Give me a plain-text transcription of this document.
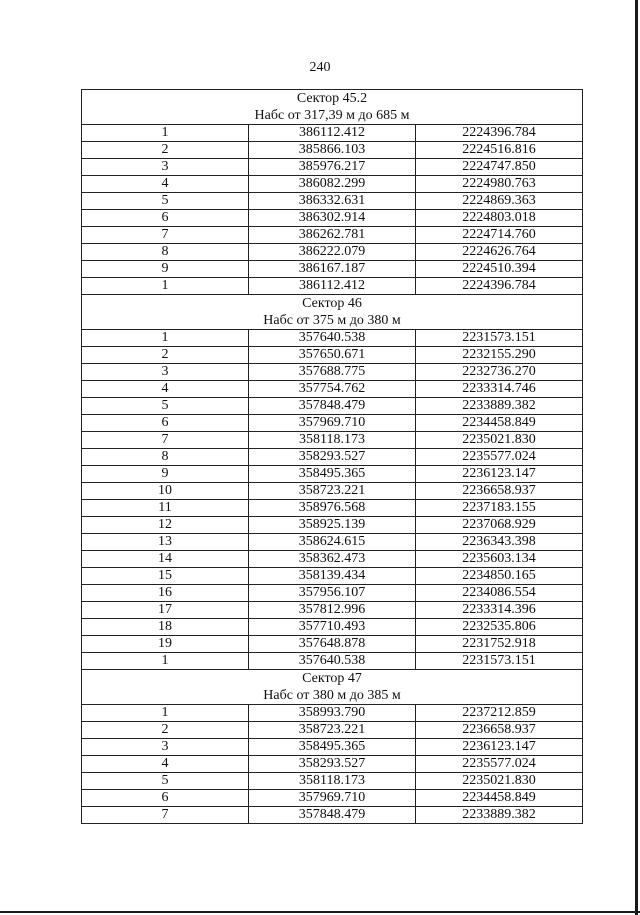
240
Сектор 45.2
Набс от 317,39 м до 685 м		

1	386112.412	2224396.784
2	385866.103	2224516.816
3	385976.217	2224747.850
4	386082.299	2224980.763
5	386332.631	2224869.363
6	386302.914	2224803.018
7	386262.781	2224714.760
8	386222.079	2224626.764
9	386167.187	2224510.394
1	386112.412	2224396.784

Сектор 46
Набс от 375 м до 380 м		

1	357640.538	2231573.151
2	357650.671	2232155.290
3	357688.775	2232736.270
4	357754.762	2233314.746
5	357848.479	2233889.382
6	357969.710	2234458.849
7	358118.173	2235021.830
8	358293.527	2235577.024
9	358495.365	2236123.147
10	358723.221	2236658.937
11	358976.568	2237183.155
12	358925.139	2237068.929
13	358624.615	2236343.398
14	358362.473	2235603.134
15	358139.434	2234850.165
16	357956.107	2234086.554
17	357812.996	2233314.396
18	357710.493	2232535.806
19	357648.878	2231752.918
1	357640.538	2231573.151

Сектор 47
Набс от 380 м до 385 м		

1	358993.790	2237212.859
2	358723.221	2236658.937
3	358495.365	2236123.147
4	358293.527	2235577.024
5	358118.173	2235021.830
6	357969.710	2234458.849
7	357848.479	2233889.382
